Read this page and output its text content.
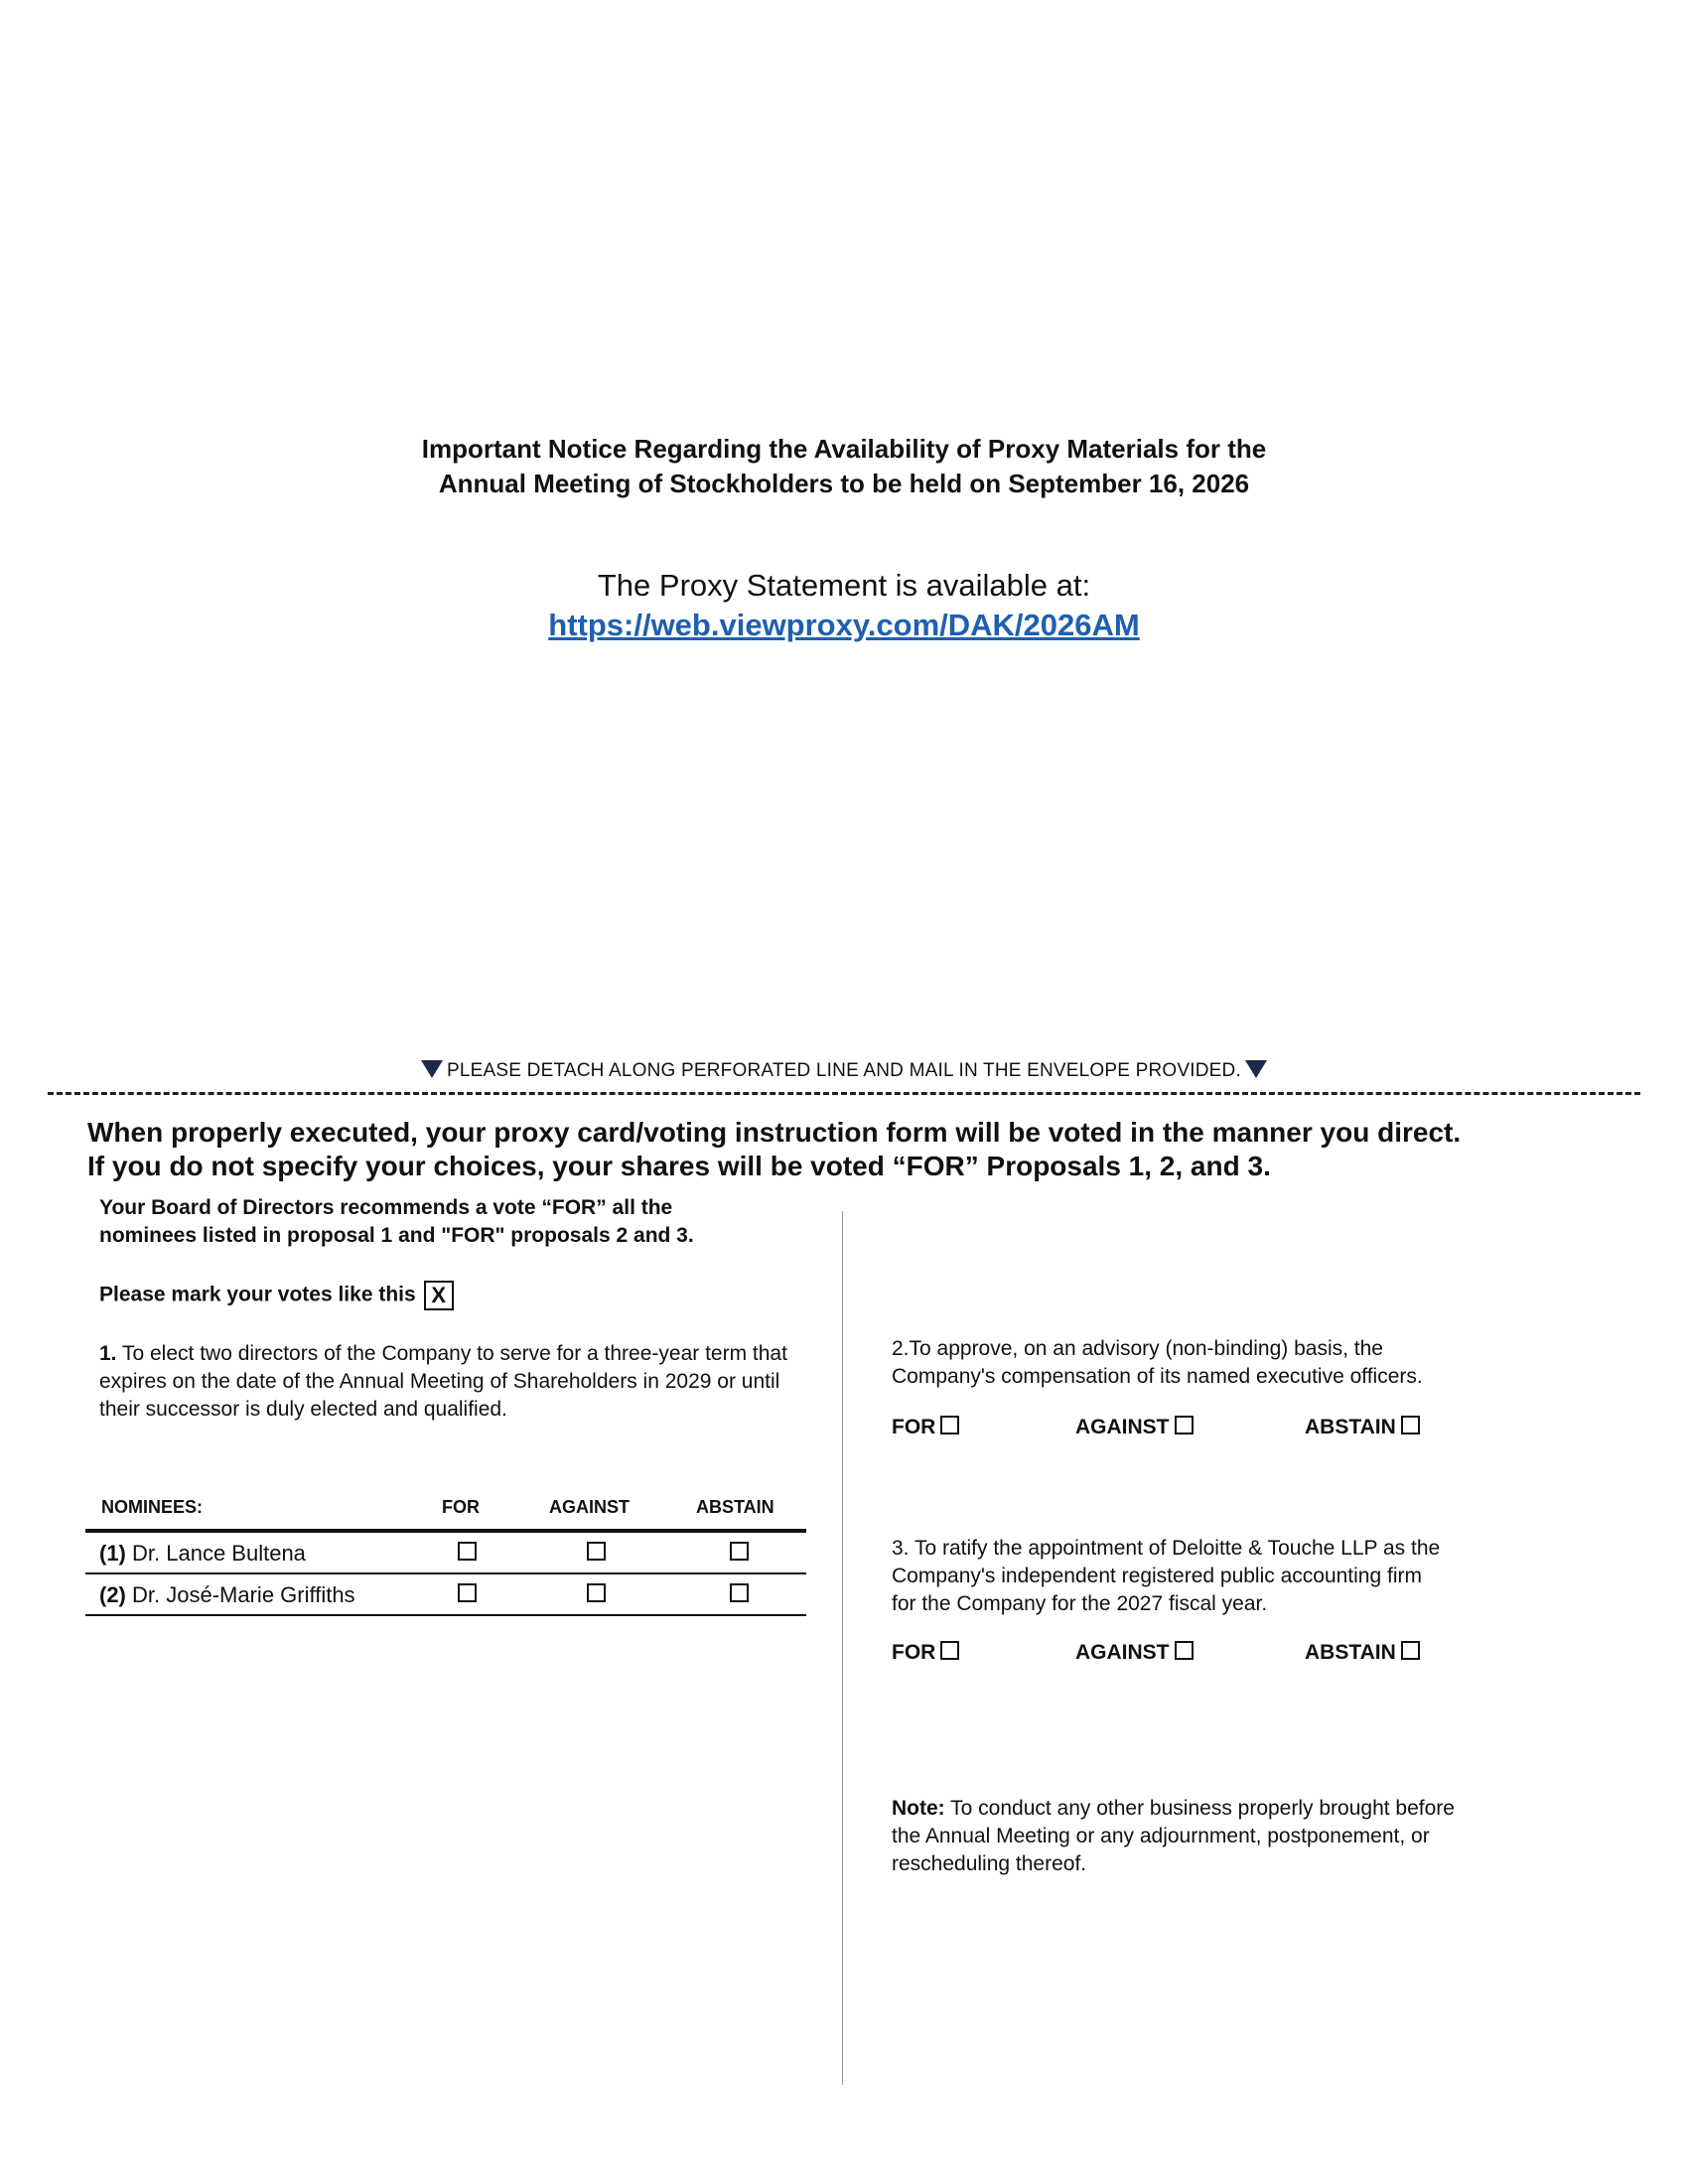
Important Notice Regarding the Availability of Proxy Materials for the
Annual Meeting of Stockholders to be held on September 16, 2026
The Proxy Statement is available at:
https://web.viewproxy.com/DAK/2026AM
PLEASE DETACH ALONG PERFORATED LINE AND MAIL IN THE ENVELOPE PROVIDED.
When properly executed, your proxy card/voting instruction form will be voted in the manner you direct.
If you do not specify your choices, your shares will be voted “FOR” Proposals 1, 2, and 3.
Your Board of Directors recommends a vote “FOR” all the
nominees listed in proposal 1 and "FOR" proposals 2 and 3.
Please mark your votes like this X
1. To elect two directors of the Company to serve for a three-year term that expires on the date of the Annual Meeting of Shareholders in 2029 or until their successor is duly elected and qualified.
NOMINEES:	FOR	AGAINST	ABSTAIN
(1) Dr. Lance Bultena
(2) Dr. José-Marie Griffiths
2.To approve, on an advisory (non-binding) basis, the
Company's compensation of its named executive officers.
FOR	AGAINST	ABSTAIN
3. To ratify the appointment of Deloitte & Touche LLP as the
Company's independent registered public accounting firm
for the Company for the 2027 fiscal year.
FOR	AGAINST	ABSTAIN
Note: To conduct any other business properly brought before
the Annual Meeting or any adjournment, postponement, or
rescheduling thereof.
